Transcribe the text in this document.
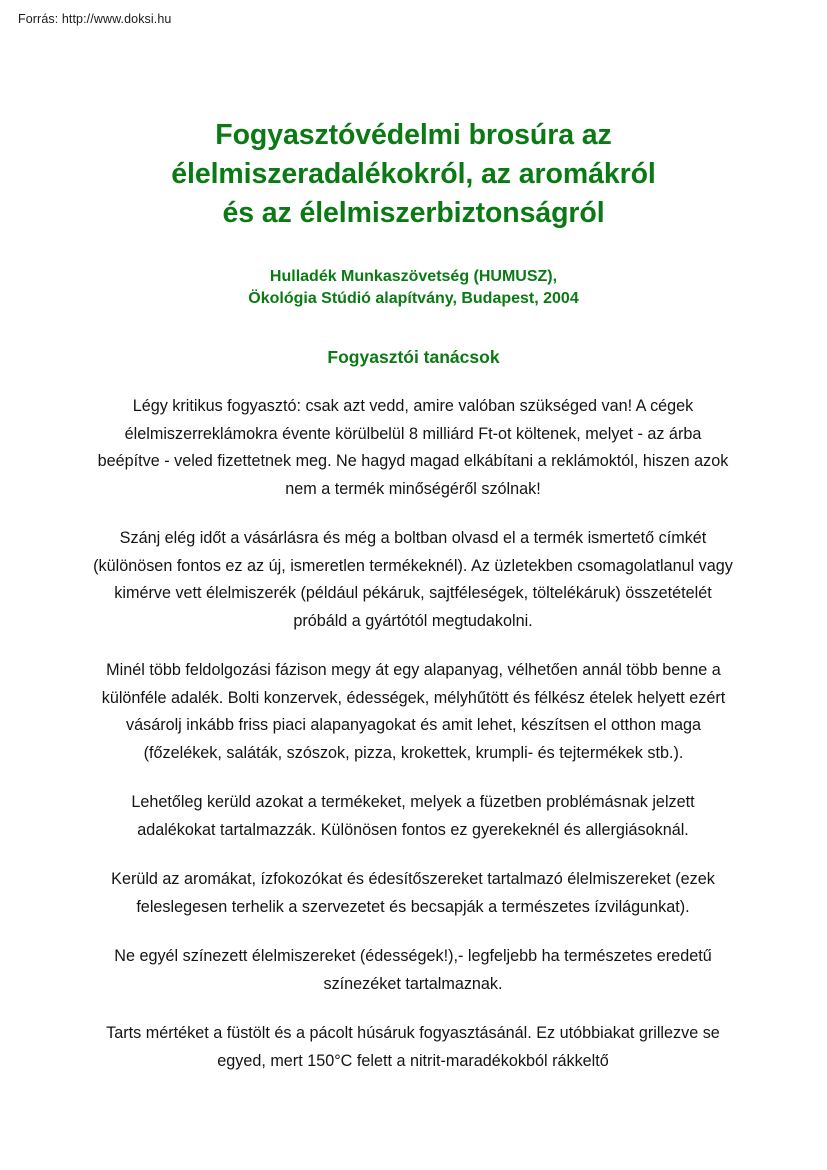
Forrás: http://www.doksi.hu
Fogyasztóvédelmi brosúra az
élelmiszeradalékokról, az aromákról
és az élelmiszerbiztonságról
Hulladék Munkaszövetség (HUMUSZ),
Ökológia Stúdió alapítvány, Budapest, 2004
Fogyasztói tanácsok

Légy kritikus fogyasztó: csak azt vedd, amire valóban szükséged van! A cégek élelmiszerreklámokra évente körülbelül 8 milliárd Ft-ot költenek, melyet - az árba beépítve - veled fizettetnek meg. Ne hagyd magad elkábítani a reklámoktól, hiszen azok nem a termék minőségéről szólnak!

Szánj elég időt a vásárlásra és még a boltban olvasd el a termék ismertető címkét (különösen fontos ez az új, ismeretlen termékeknél). Az üzletekben csomagolatlanul vagy kimérve vett élelmiszerék (például pékáruk, sajtféleségek, töltelékáruk) összetételét próbáld a gyártótól megtudakolni.

Minél több feldolgozási fázison megy át egy alapanyag, vélhetően annál több benne a különféle adalék. Bolti konzervek, édességek, mélyhűtött és félkész ételek helyett ezért vásárolj inkább friss piaci alapanyagokat és amit lehet, készítsen el otthon maga (főzelékek, saláták, szószok, pizza, krokettek, krumpli- és tejtermékek stb.).

Lehetőleg kerüld azokat a termékeket, melyek a füzetben problémásnak jelzett adalékokat tartalmazzák. Különösen fontos ez gyerekeknél és allergiásoknál.

Kerüld az aromákat, ízfokozókat és édesítőszereket tartalmazó élelmiszereket (ezek feleslegesen terhelik a szervezetet és becsapják a természetes ízvilágunkat).

Ne egyél színezett élelmiszereket (édességek!),- legfeljebb ha természetes eredetű színezéket tartalmaznak.

Tarts mértéket a füstölt és a pácolt húsáruk fogyasztásánál. Ez utóbbiakat grillezve se egyed, mert 150°C felett a nitrit-maradékokból rákkeltő
